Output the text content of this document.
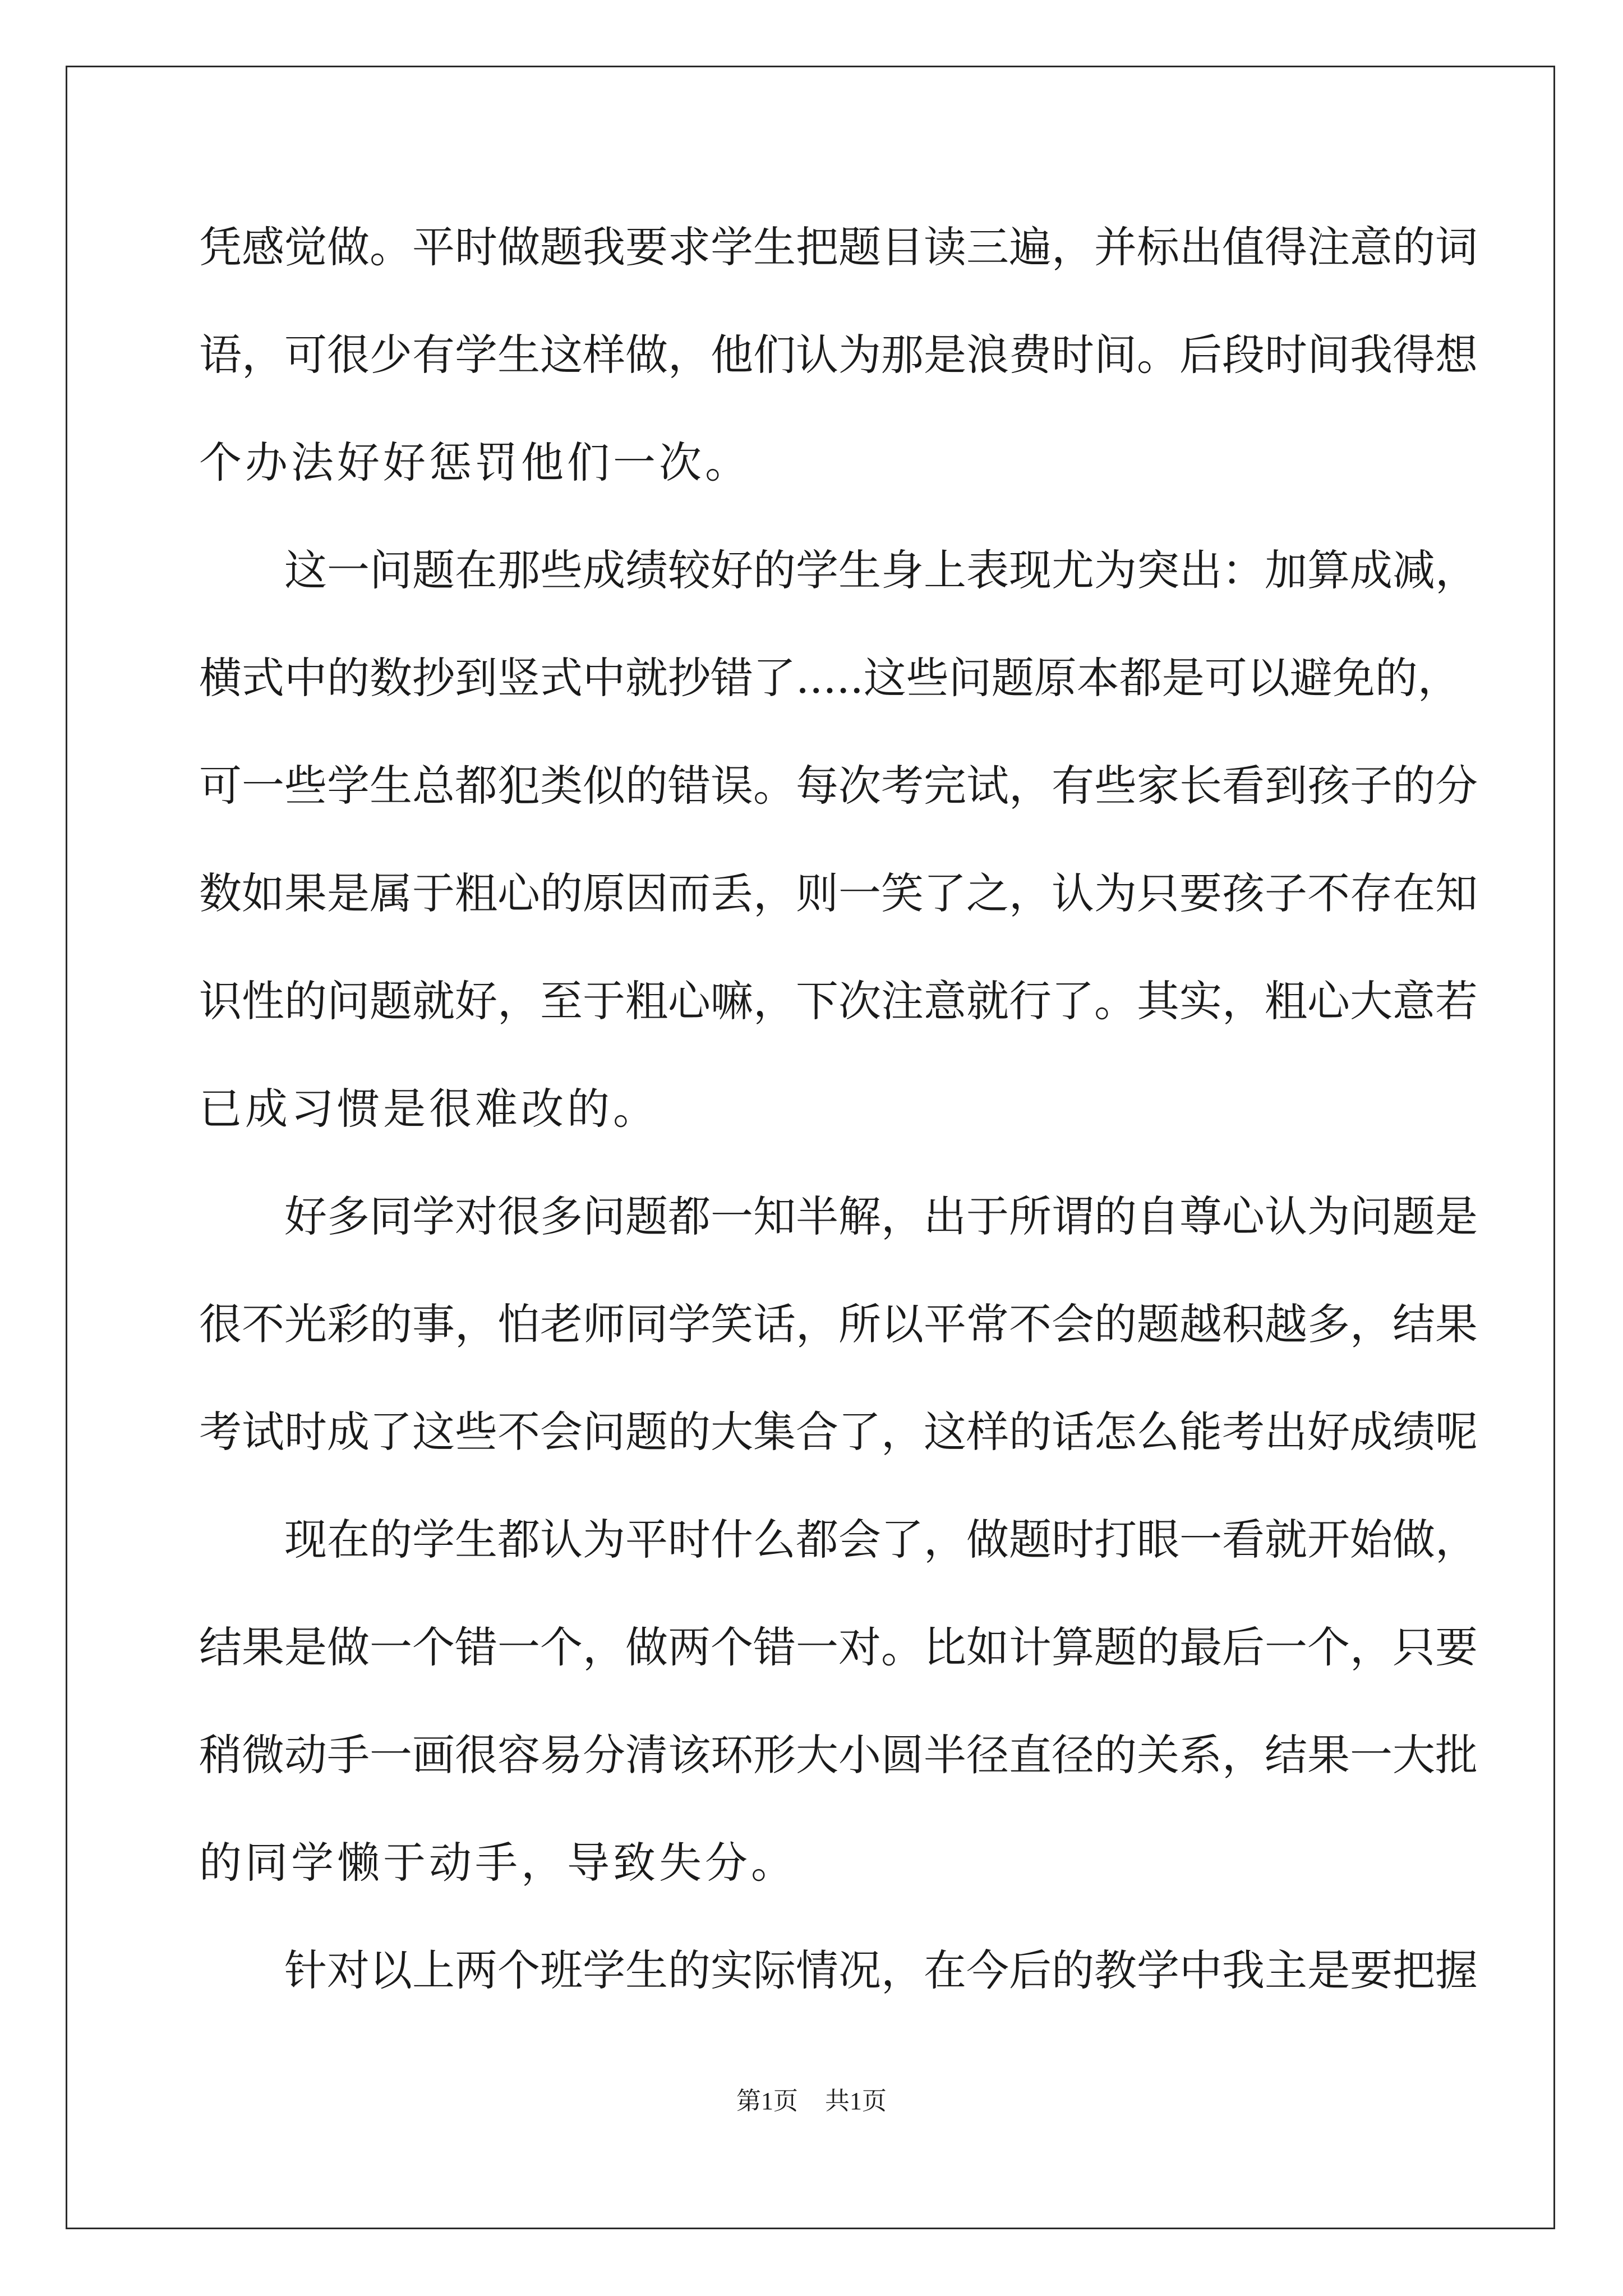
凭感觉做。平时做题我要求学生把题目读三遍，并标出值得注意的词
语，可很少有学生这样做，他们认为那是浪费时间。后段时间我得想
个办法好好惩罚他们一次。
这一问题在那些成绩较好的学生身上表现尤为突出：加算成减，
横式中的数抄到竖式中就抄错了.....这些问题原本都是可以避免的，
可一些学生总都犯类似的错误。每次考完试，有些家长看到孩子的分
数如果是属于粗心的原因而丢，则一笑了之，认为只要孩子不存在知
识性的问题就好，至于粗心嘛，下次注意就行了。其实，粗心大意若
已成习惯是很难改的。
好多同学对很多问题都一知半解，出于所谓的自尊心认为问题是
很不光彩的事，怕老师同学笑话，所以平常不会的题越积越多，结果
考试时成了这些不会问题的大集合了，这样的话怎么能考出好成绩呢
现在的学生都认为平时什么都会了，做题时打眼一看就开始做，
结果是做一个错一个，做两个错一对。比如计算题的最后一个，只要
稍微动手一画很容易分清该环形大小圆半径直径的关系，结果一大批
的同学懒于动手，导致失分。
针对以上两个班学生的实际情况，在今后的教学中我主是要把握
第1页 共1页
